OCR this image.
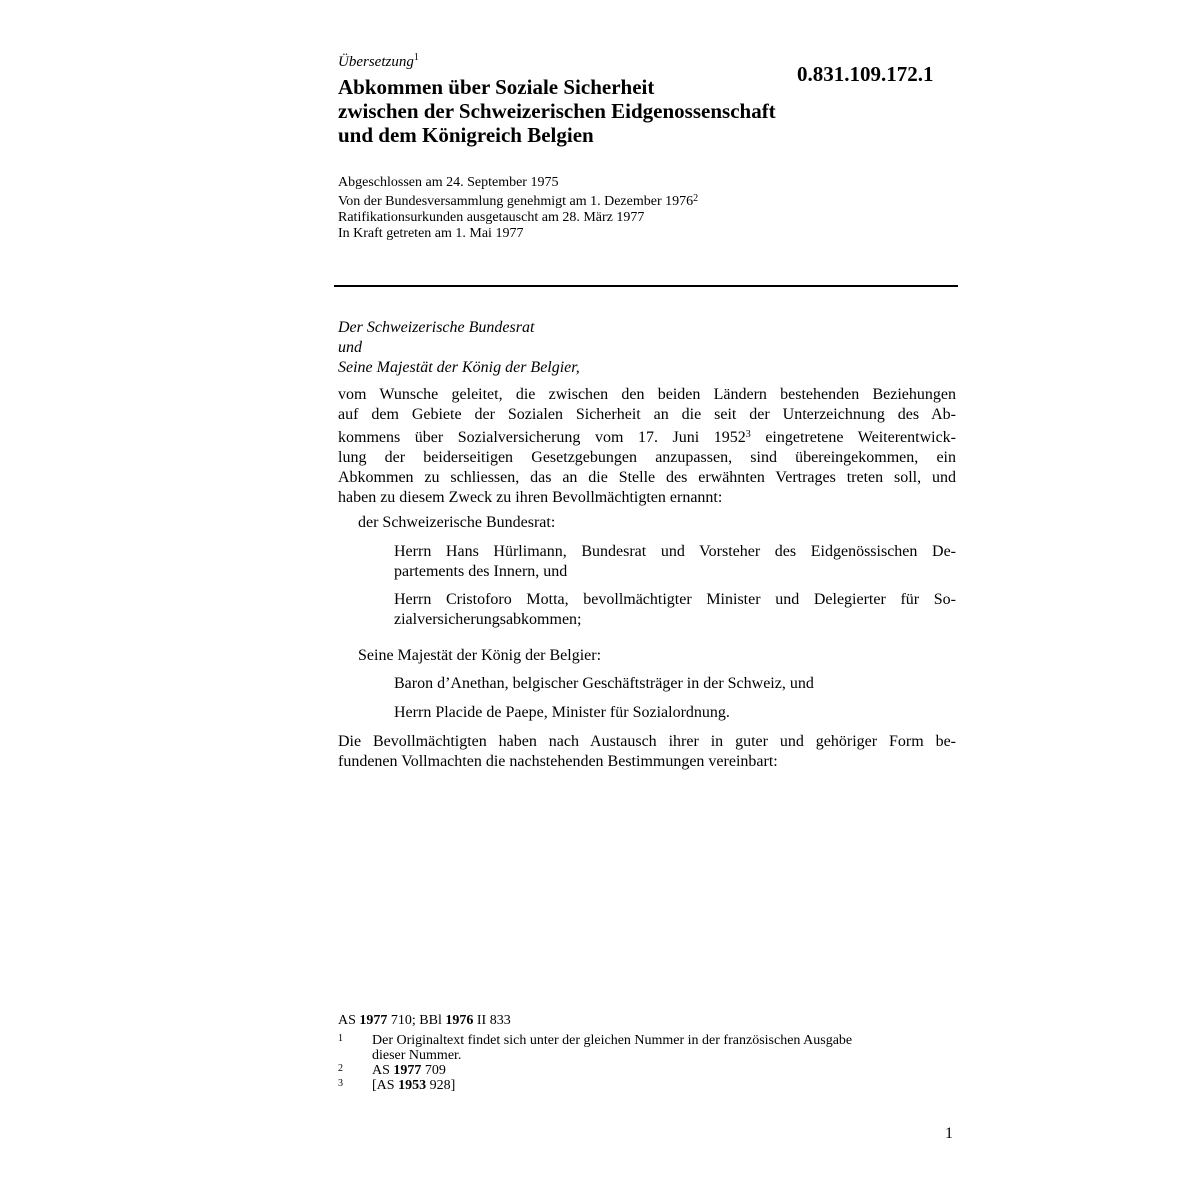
Übersetzung$^1$
0.831.109.172.1
Abkommen über Soziale Sicherheit
zwischen der Schweizerischen Eidgenossenschaft
und dem Königreich Belgien
Abgeschlossen am 24. September 1975
Von der Bundesversammlung genehmigt am 1. Dezember 1976$^2$
Ratifikationsurkunden ausgetauscht am 28. März 1977
In Kraft getreten am 1. Mai 1977
Der Schweizerische Bundesrat
und
Seine Majestät der König der Belgier,
vom Wunsche geleitet, die zwischen den beiden Ländern bestehenden Beziehungen
auf dem Gebiete der Sozialen Sicherheit an die seit der Unterzeichnung des Ab-
kommens über Sozialversicherung vom 17. Juni 1952$^3$ eingetretene Weiterentwick-
lung der beiderseitigen Gesetzgebungen anzupassen, sind übereingekommen, ein
Abkommen zu schliessen, das an die Stelle des erwähnten Vertrages treten soll, und
haben zu diesem Zweck zu ihren Bevollmächtigten ernannt:
der Schweizerische Bundesrat:
Herrn Hans Hürlimann, Bundesrat und Vorsteher des Eidgenössischen De-
partements des Innern, und
Herrn Cristoforo Motta, bevollmächtigter Minister und Delegierter für So-
zialversicherungsabkommen;
Seine Majestät der König der Belgier:
Baron d’Anethan, belgischer Geschäftsträger in der Schweiz, und
Herrn Placide de Paepe, Minister für Sozialordnung.
Die Bevollmächtigten haben nach Austausch ihrer in guter und gehöriger Form be-
fundenen Vollmachten die nachstehenden Bestimmungen vereinbart:
AS 1977 710; BBl 1976 II 833
1 Der Originaltext findet sich unter der gleichen Nummer in der französischen Ausgabe
dieser Nummer.
2 AS 1977 709
3 [AS 1953 928]
1
